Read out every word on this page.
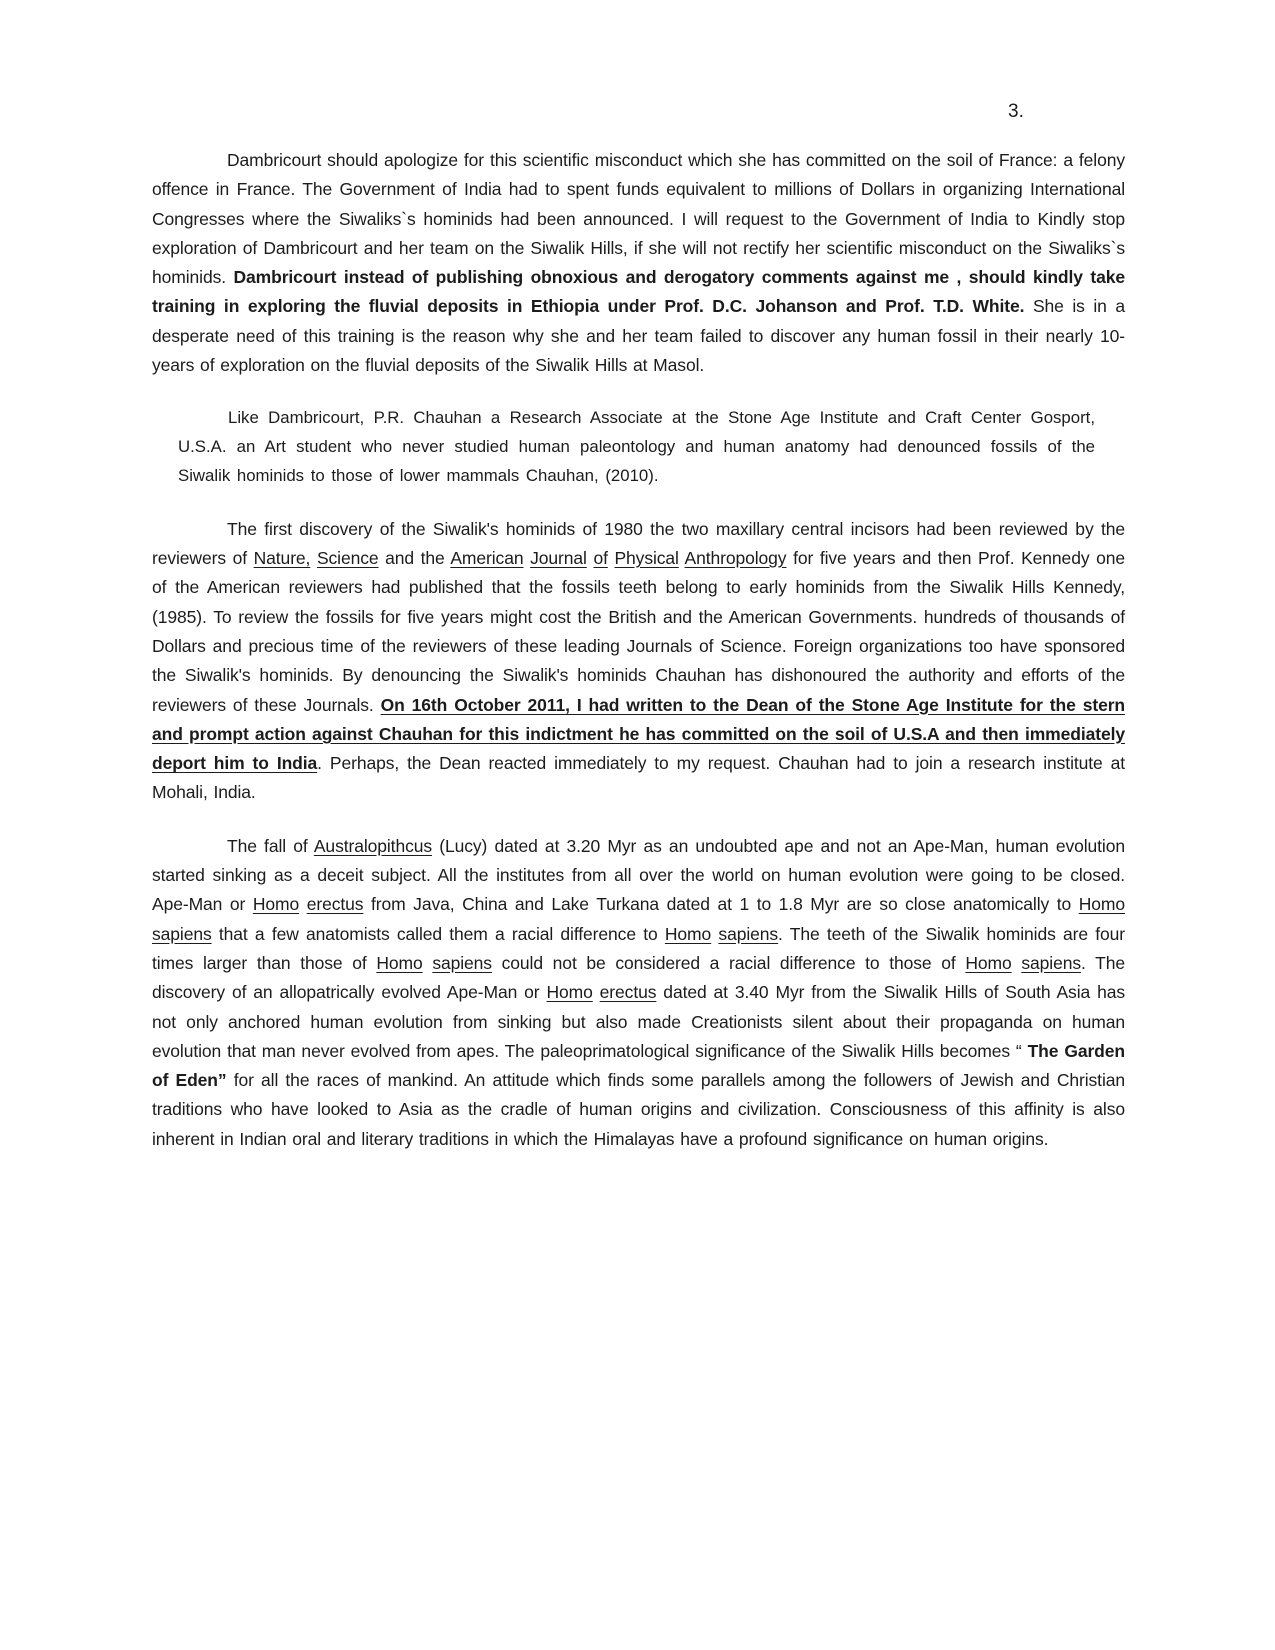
3.

Dambricourt should apologize for this scientific misconduct which she has committed on the soil of France: a felony offence in France. The Government of India had to spent funds equivalent to millions of Dollars in organizing International Congresses where the Siwaliks`s hominids had been announced. I will request to the Government of India to Kindly stop exploration of Dambricourt and her team on the Siwalik Hills, if she will not rectify her scientific misconduct on the Siwaliks`s hominids. Dambricourt instead of publishing obnoxious and derogatory comments against me , should kindly take training in exploring the fluvial deposits in Ethiopia under Prof. D.C. Johanson and Prof. T.D. White. She is in a desperate need of this training is the reason why she and her team failed to discover any human fossil in their nearly 10-years of exploration on the fluvial deposits of the Siwalik Hills at Masol.

Like Dambricourt, P.R. Chauhan a Research Associate at the Stone Age Institute and Craft Center Gosport, U.S.A. an Art student who never studied human paleontology and human anatomy had denounced fossils of the Siwalik hominids to those of lower mammals Chauhan, (2010).

The first discovery of the Siwalik's hominids of 1980 the two maxillary central incisors had been reviewed by the reviewers of Nature, Science and the American Journal of Physical Anthropology for five years and then Prof. Kennedy one of the American reviewers had published that the fossils teeth belong to early hominids from the Siwalik Hills Kennedy, (1985). To review the fossils for five years might cost the British and the American Governments. hundreds of thousands of Dollars and precious time of the reviewers of these leading Journals of Science. Foreign organizations too have sponsored the Siwalik's hominids. By denouncing the Siwalik's hominids Chauhan has dishonoured the authority and efforts of the reviewers of these Journals. On 16th October 2011, I had written to the Dean of the Stone Age Institute for the stern and prompt action against Chauhan for this indictment he has committed on the soil of U.S.A and then immediately deport him to India. Perhaps, the Dean reacted immediately to my request. Chauhan had to join a research institute at Mohali, India.

The fall of Australopithcus (Lucy) dated at 3.20 Myr as an undoubted ape and not an Ape-Man, human evolution started sinking as a deceit subject. All the institutes from all over the world on human evolution were going to be closed. Ape-Man or Homo erectus from Java, China and Lake Turkana dated at 1 to 1.8 Myr are so close anatomically to Homo sapiens that a few anatomists called them a racial difference to Homo sapiens. The teeth of the Siwalik hominids are four times larger than those of Homo sapiens could not be considered a racial difference to those of Homo sapiens. The discovery of an allopatrically evolved Ape-Man or Homo erectus dated at 3.40 Myr from the Siwalik Hills of South Asia has not only anchored human evolution from sinking but also made Creationists silent about their propaganda on human evolution that man never evolved from apes. The paleoprimatological significance of the Siwalik Hills becomes “ The Garden of Eden” for all the races of mankind. An attitude which finds some parallels among the followers of Jewish and Christian traditions who have looked to Asia as the cradle of human origins and civilization. Consciousness of this affinity is also inherent in Indian oral and literary traditions in which the Himalayas have a profound significance on human origins.
